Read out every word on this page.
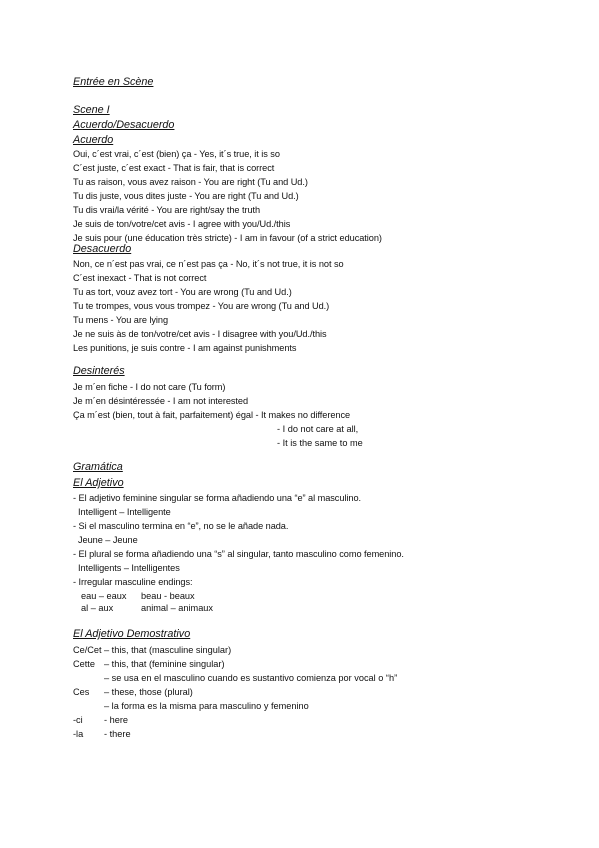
Entrée en Scène
Scene I
Acuerdo/Desacuerdo
Acuerdo
Oui, c´est vrai, c´est (bien) ça - Yes, it´s true, it is so
C´est juste, c´est exact - That is fair, that is correct
Tu as raison, vous avez raison - You are right (Tu and Ud.)
Tu dis juste, vous dites juste - You are right (Tu and Ud.)
Tu dis vrai/la vérité - You are right/say the truth
Je suis de ton/votre/cet avis - I agree with you/Ud./this
Je suis pour (une éducation très stricte) - I am in favour (of a strict education)
Desacuerdo
Non, ce n´est pas vrai, ce n´est pas ça - No, it´s not true, it is not so
C´est inexact - That is not correct
Tu as tort, vouz avez tort - You are wrong (Tu and Ud.)
Tu te trompes, vous vous trompez - You are wrong (Tu and Ud.)
Tu mens - You are lying
Je ne suis às de ton/votre/cet avis - I disagree with you/Ud./this
Les punitions, je suis contre - I am against punishments
Desinterés
Je m´en fiche - I do not care (Tu form)
Je m´en désintéressée - I am not interested
Ça m´est (bien, tout à fait, parfaitement) égal - It makes no difference
- I do not care at all,
- It is the same to me
Gramática
El Adjetivo
- El adjetivo feminine singular se forma añadiendo una “e” al masculino.
Intelligent – Intelligente
- Si el masculino termina en “e”, no se le añade nada.
Jeune – Jeune
- El plural se forma añadiendo una “s” al singular, tanto masculino como femenino.
Intelligents – Intelligentes
- Irregular masculine endings:
eau – eaux beau - beaux
al – aux	animal – animaux
El Adjetivo Demostrativo
Ce/Cet – this, that (masculine singular)
Cette – this, that (feminine singular)
– se usa en el masculino cuando es sustantivo comienza por vocal o “h”
Ces – these, those (plural)
– la forma es la misma para masculino y femenino
-ci - here
-la - there
